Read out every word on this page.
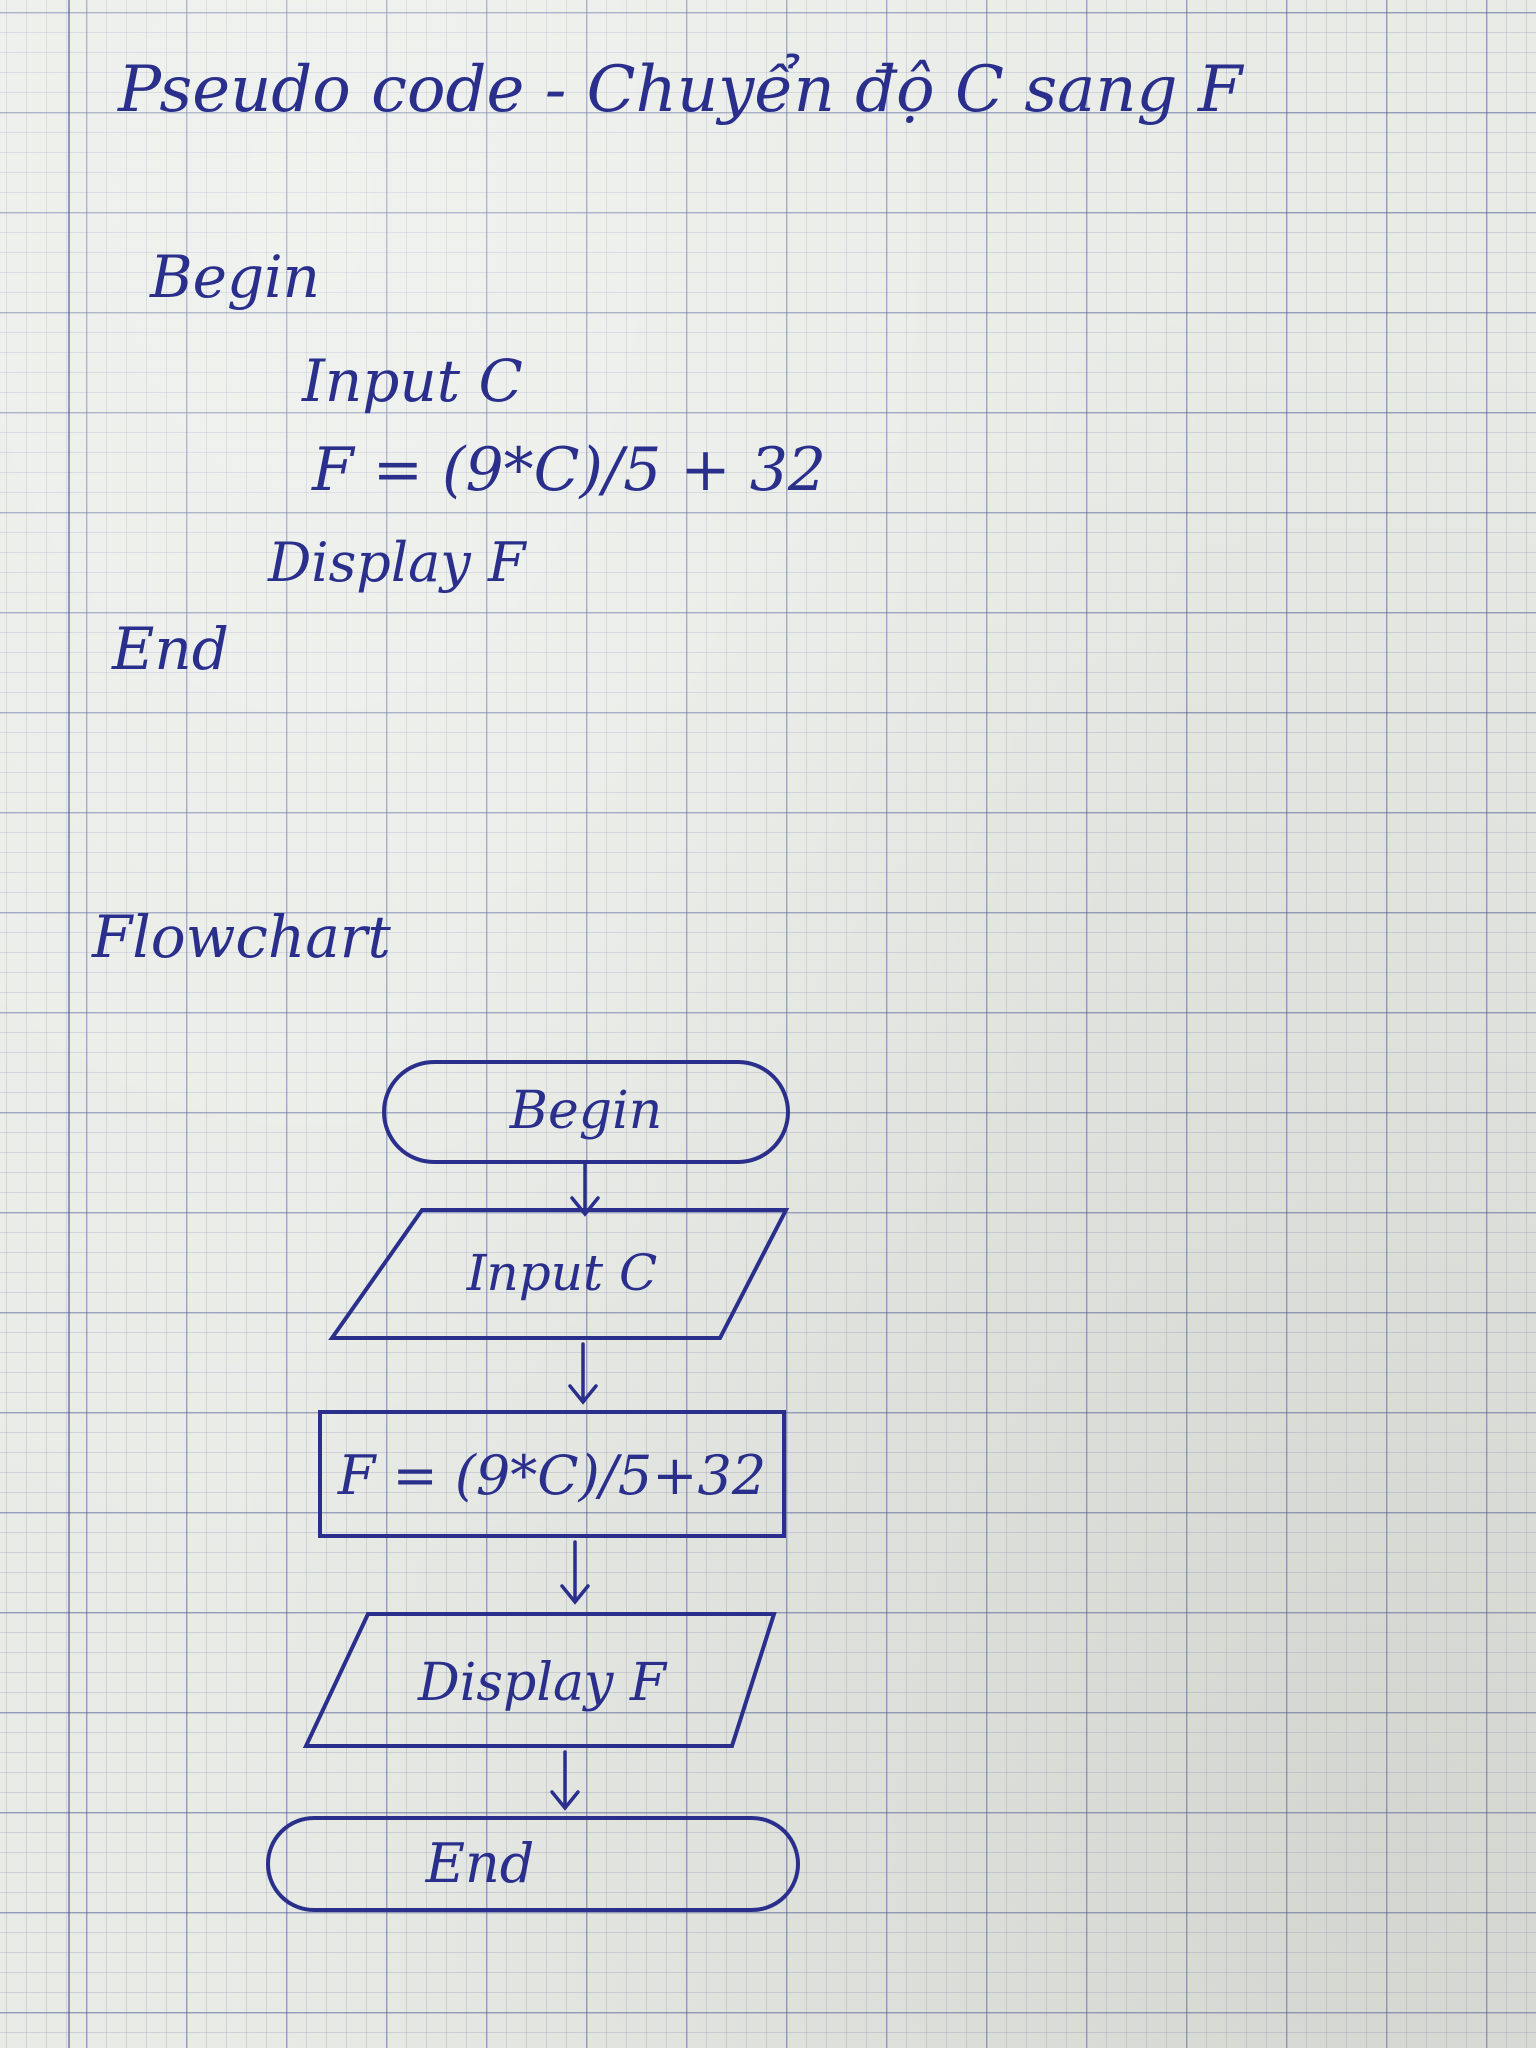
Pseudo code - Chuyển độ C sang F
Begin
Input C
F = (9*C)/5 + 32
Display F
End
Flowchart
Begin
Input C
F = (9*C)/5+32
Display F
End
